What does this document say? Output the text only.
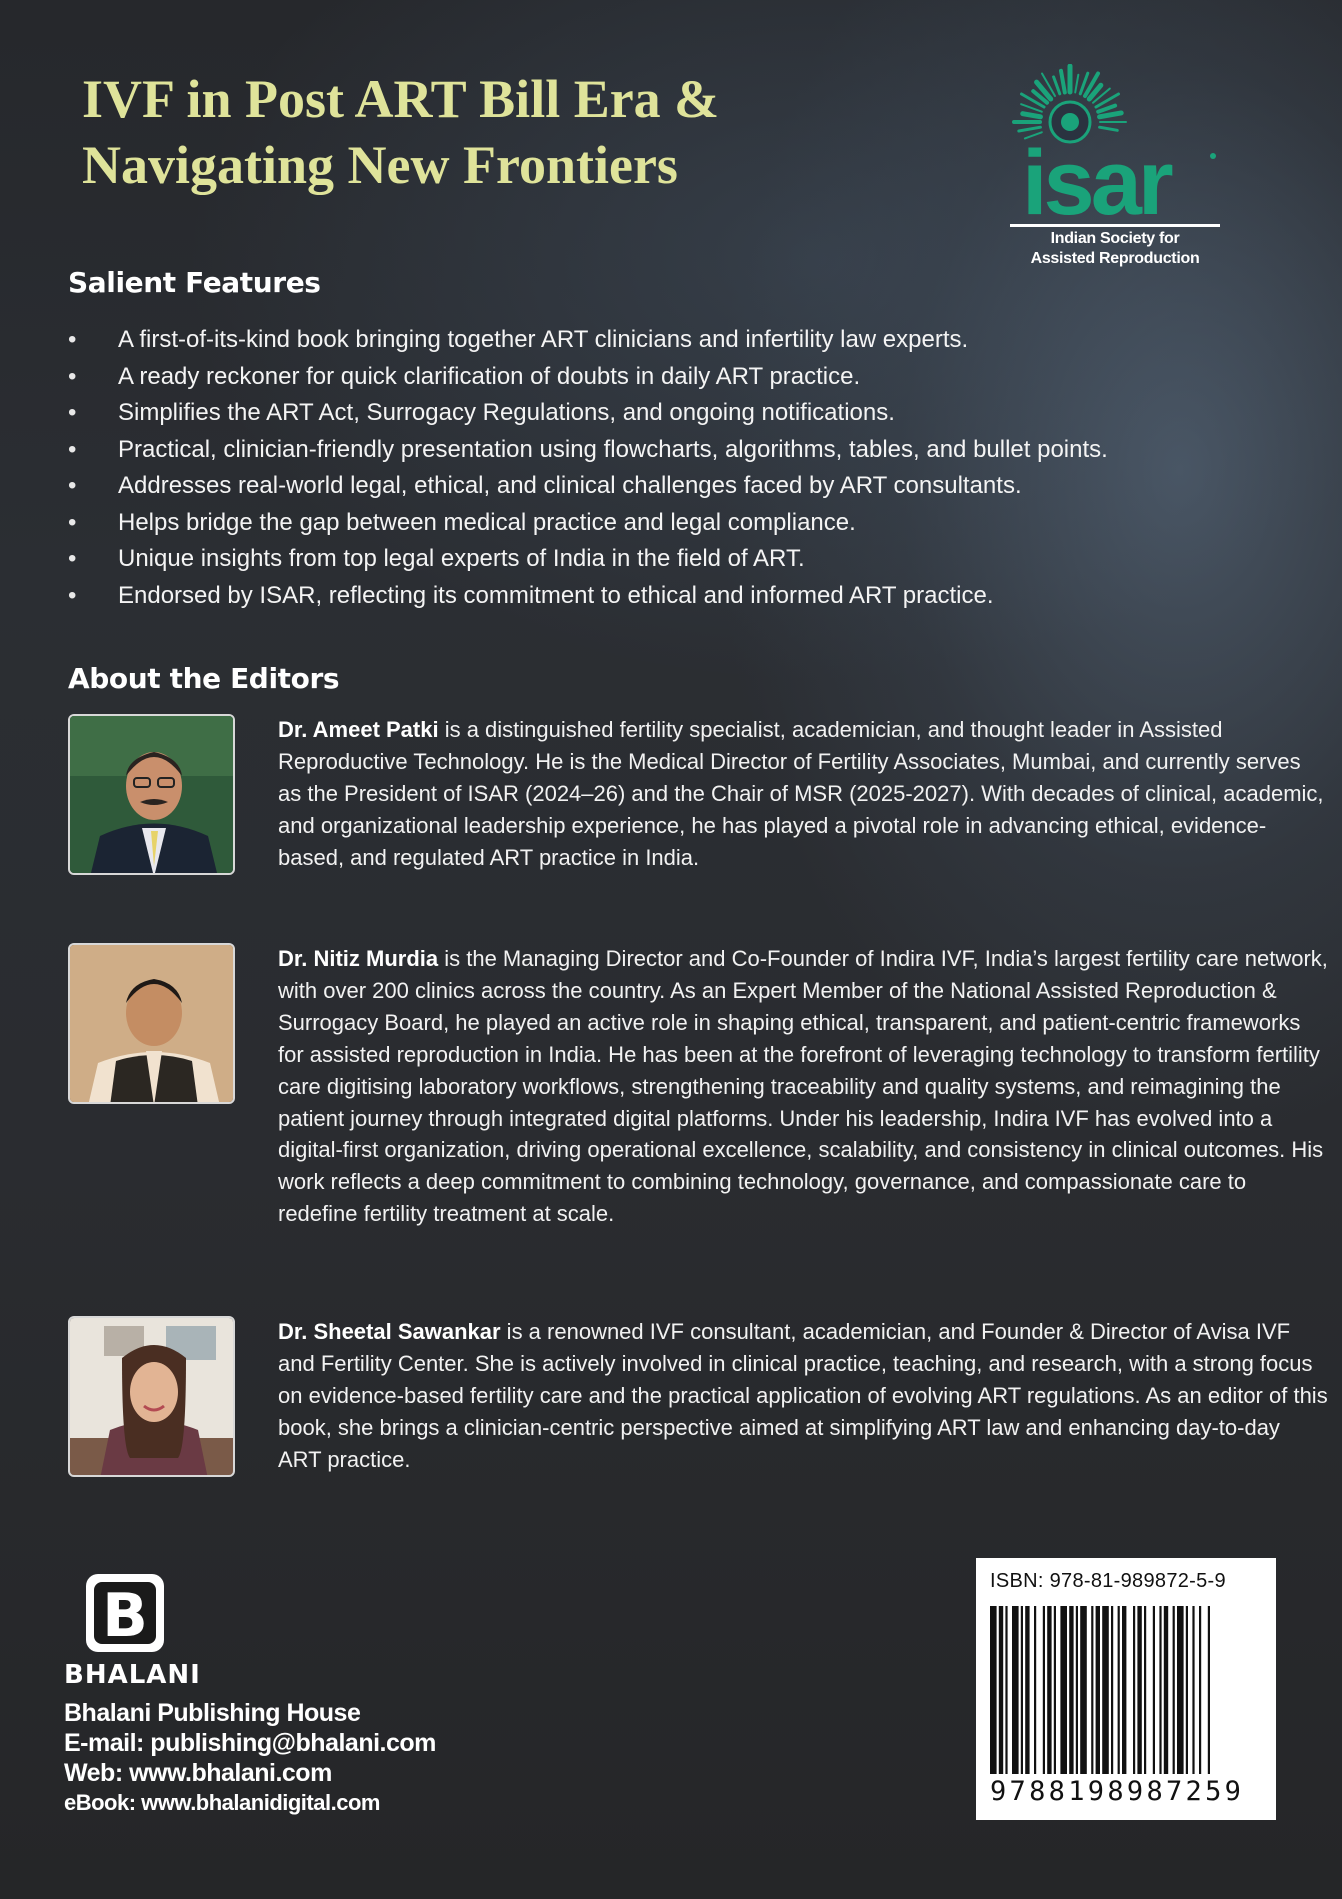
IVF in Post ART Bill Era &
Navigating New Frontiers	isar
Indian Society for
Assisted Reproduction
Salient Features
• A first-of-its-kind book bringing together ART clinicians and infertility law experts.
• A ready reckoner for quick clarification of doubts in daily ART practice.
• Simplifies the ART Act, Surrogacy Regulations, and ongoing notifications.
• Practical, clinician-friendly presentation using flowcharts, algorithms, tables, and bullet points.
• Addresses real-world legal, ethical, and clinical challenges faced by ART consultants.
• Helps bridge the gap between medical practice and legal compliance.
• Unique insights from top legal experts of India in the field of ART.
• Endorsed by ISAR, reflecting its commitment to ethical and informed ART practice.
About the Editors

Dr. Ameet Patki is a distinguished fertility specialist, academician, and thought leader in Assisted Reproductive Technology. He is the Medical Director of Fertility Associates, Mumbai, and currently serves as the President of ISAR (2024–26) and the Chair of MSR (2025-2027). With decades of clinical, academic, and organizational leadership experience, he has played a pivotal role in advancing ethical, evidence-based, and regulated ART practice in India.

Dr. Nitiz Murdia is the Managing Director and Co-Founder of Indira IVF, India’s largest fertility care network, with over 200 clinics across the country. As an Expert Member of the National Assisted Reproduction & Surrogacy Board, he played an active role in shaping ethical, transparent, and patient-centric frameworks for assisted reproduction in India. He has been at the forefront of leveraging technology to transform fertility care digitising laboratory workflows, strengthening traceability and quality systems, and reimagining the patient journey through integrated digital platforms. Under his leadership, Indira IVF has evolved into a digital-first organization, driving operational excellence, scalability, and consistency in clinical outcomes. His work reflects a deep commitment to combining technology, governance, and compassionate care to redefine fertility treatment at scale.

Dr. Sheetal Sawankar is a renowned IVF consultant, academician, and Founder & Director of Avisa IVF and Fertility Center. She is actively involved in clinical practice, teaching, and research, with a strong focus on evidence-based fertility care and the practical application of evolving ART regulations. As an editor of this book, she brings a clinician-centric perspective aimed at simplifying ART law and enhancing day-to-day ART practice.

B
BHALANI
Bhalani Publishing House
E-mail: publishing@bhalani.com
Web: www.bhalani.com
eBook: www.bhalanidigital.com
ISBN: 978-81-989872-5-9
9788198987259
